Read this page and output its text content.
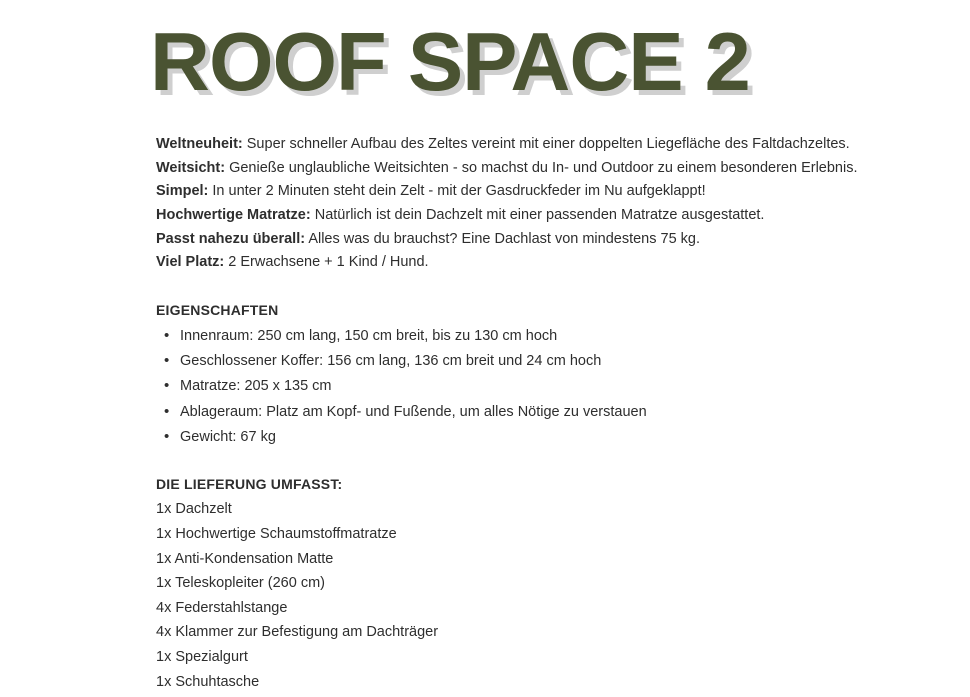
ROOF SPACE 2

Weltneuheit: Super schneller Aufbau des Zeltes vereint mit einer doppelten Liegefläche des Faltdachzeltes.

Weitsicht: Genieße unglaubliche Weitsichten - so machst du In- und Outdoor zu einem besonderen Erlebnis.

Simpel: In unter 2 Minuten steht dein Zelt - mit der Gasdruckfeder im Nu aufgeklappt!

Hochwertige Matratze: Natürlich ist dein Dachzelt mit einer passenden Matratze ausgestattet.

Passt nahezu überall: Alles was du brauchst? Eine Dachlast von mindestens 75 kg.

Viel Platz: 2 Erwachsene + 1 Kind / Hund.

EIGENSCHAFTEN
• Innenraum: 250 cm lang, 150 cm breit, bis zu 130 cm hoch
• Geschlossener Koffer: 156 cm lang, 136 cm breit und 24 cm hoch
• Matratze: 205 x 135 cm
• Ablageraum: Platz am Kopf- und Fußende, um alles Nötige zu verstauen
• Gewicht: 67 kg
DIE LIEFERUNG UMFASST:
1x Dachzelt
1x Hochwertige Schaumstoffmatratze
1x Anti-Kondensation Matte
1x Teleskopleiter (260 cm)
4x Federstahlstange
4x Klammer zur Befestigung am Dachträger
1x Spezialgurt
1x Schuhtasche
